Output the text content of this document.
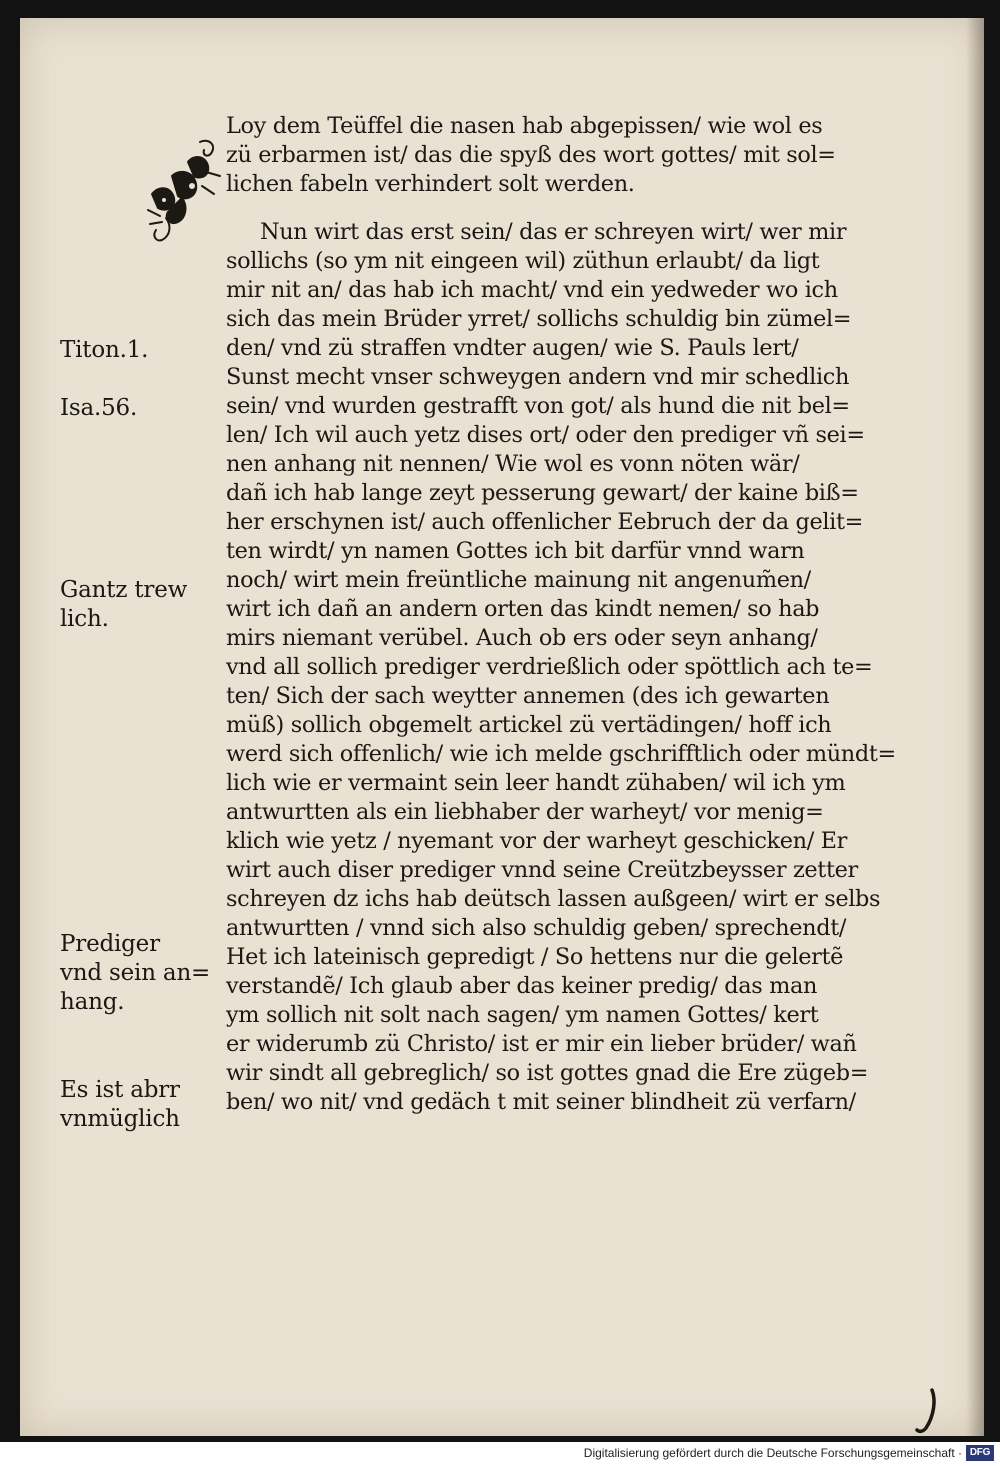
Loy dem Teüffel die nasen hab abgepissen/ wie wol es
zü erbarmen ist/ das die spyß des wort gottes/ mit sol=
lichen fabeln verhindert solt werden.
Nun wirt das erst sein/ das er schreyen wirt/ wer mir
sollichs (so ym nit eingeen wil) züthun erlaubt/ da ligt
mir nit an/ das hab ich macht/ vnd ein yedweder wo ich
sich das mein Brüder yrret/ sollichs schuldig bin zümel=
den/ vnd zü straffen vndter augen/ wie S. Pauls lert/
Sunst mecht vnser schweygen andern vnd mir schedlich
sein/ vnd wurden gestrafft von got/ als hund die nit bel=
len/ Ich wil auch yetz dises ort/ oder den prediger vñ sei=
nen anhang nit nennen/ Wie wol es vonn nöten wär/
dañ ich hab lange zeyt pesserung gewart/ der kaine biß=
her erschynen ist/ auch offenlicher Eebruch der da gelit=
ten wirdt/ yn namen Gottes ich bit darfür vnnd warn
noch/ wirt mein freüntliche mainung nit angenum̃en/
wirt ich dañ an andern orten das kindt nemen/ so hab
mirs niemant verübel. Auch ob ers oder seyn anhang/
vnd all sollich prediger verdrießlich oder spöttlich ach te=
ten/ Sich der sach weytter annemen (des ich gewarten
müß) sollich obgemelt artickel zü vertädingen/ hoff ich
werd sich offenlich/ wie ich melde gschrifftlich oder mündt=
lich wie er vermaint sein leer handt zühaben/ wil ich ym
antwurtten als ein liebhaber der warheyt/ vor menig=
klich wie yetz / nyemant vor der warheyt geschicken/ Er
wirt auch diser prediger vnnd seine Creützbeysser zetter
schreyen dz ichs hab deütsch lassen außgeen/ wirt er selbs
antwurtten / vnnd sich also schuldig geben/ sprechendt/
Het ich lateinisch gepredigt / So hettens nur die gelertẽ
verstandẽ/ Ich glaub aber das keiner predig/ das man
ym sollich nit solt nach sagen/ ym namen Gottes/ kert
er widerumb zü Christo/ ist er mir ein lieber brüder/ wañ
wir sindt all gebreglich/ so ist gottes gnad die Ere zügeb=
ben/ wo nit/ vnd gedäch t mit seiner blindheit zü verfarn/
Titon.1.
Isa.56.
Gantz trew
lich.
Prediger
vnd sein an=
hang.
Es ist abrr
vnmüglich
Digitalisierung gefördert durch die Deutsche Forschungsgemeinschaft · DFG
